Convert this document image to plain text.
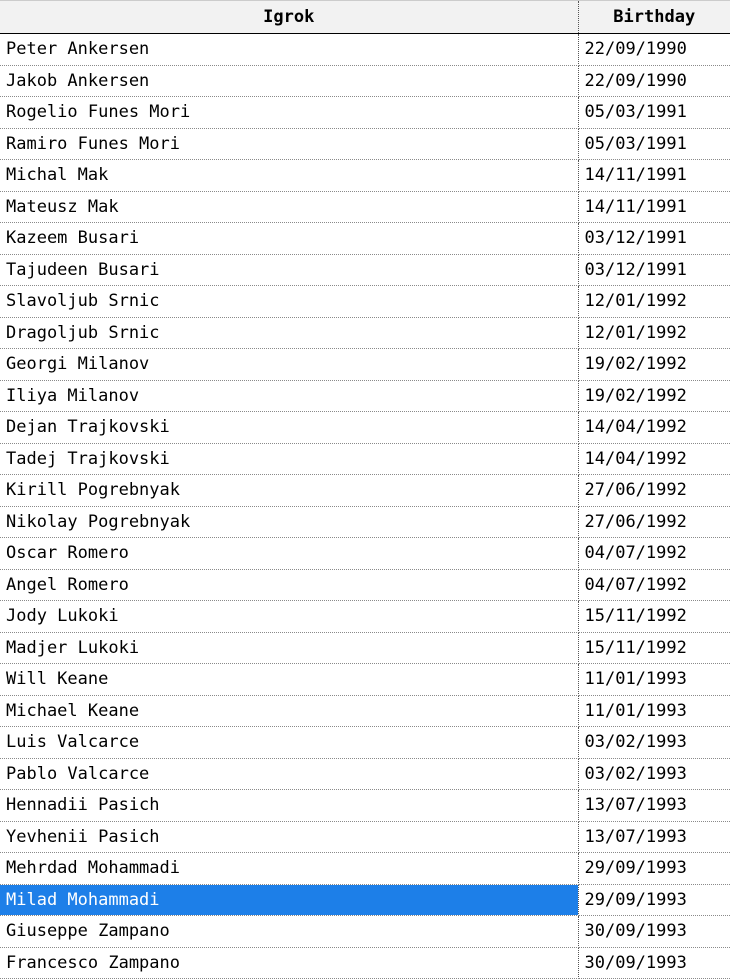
Igrok	Birthday
Peter Ankersen	22/09/1990
Jakob Ankersen	22/09/1990
Rogelio Funes Mori	05/03/1991
Ramiro Funes Mori	05/03/1991
Michal Mak	14/11/1991
Mateusz Mak	14/11/1991
Kazeem Busari	03/12/1991
Tajudeen Busari	03/12/1991
Slavoljub Srnic	12/01/1992
Dragoljub Srnic	12/01/1992
Georgi Milanov	19/02/1992
Iliya Milanov	19/02/1992
Dejan Trajkovski	14/04/1992
Tadej Trajkovski	14/04/1992
Kirill Pogrebnyak	27/06/1992
Nikolay Pogrebnyak	27/06/1992
Oscar Romero	04/07/1992
Angel Romero	04/07/1992
Jody Lukoki	15/11/1992
Madjer Lukoki	15/11/1992
Will Keane	11/01/1993
Michael Keane	11/01/1993
Luis Valcarce	03/02/1993
Pablo Valcarce	03/02/1993
Hennadii Pasich	13/07/1993
Yevhenii Pasich	13/07/1993
Mehrdad Mohammadi	29/09/1993
Milad Mohammadi	29/09/1993
Giuseppe Zampano	30/09/1993
Francesco Zampano	30/09/1993
